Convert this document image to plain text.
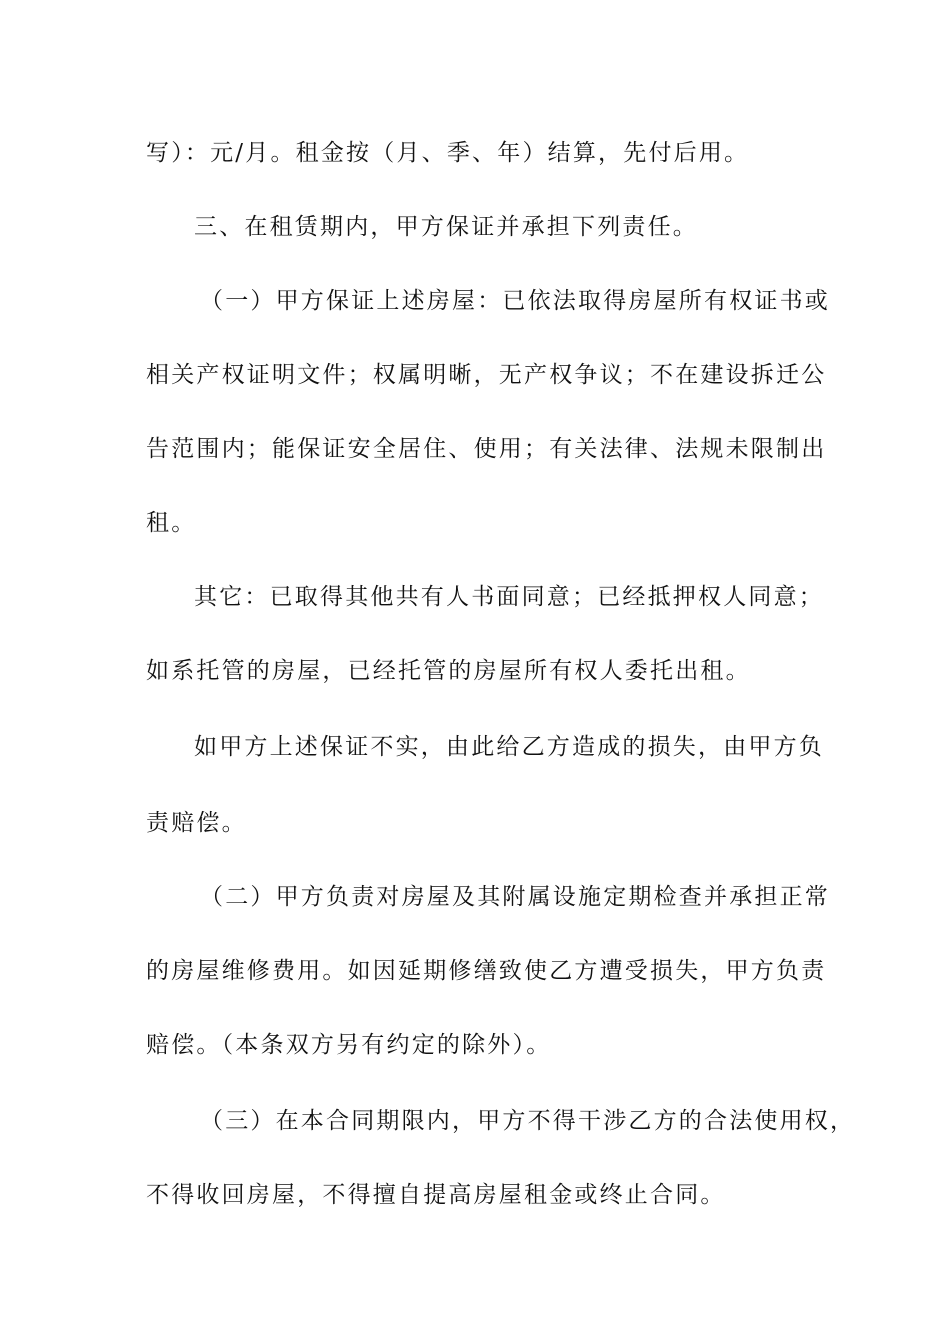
写）：元/月。租金按（月、季、年）结算，先付后用。
三、在租赁期内，甲方保证并承担下列责任。
（一）甲方保证上述房屋：已依法取得房屋所有权证书或
相关产权证明文件；权属明晰，无产权争议；不在建设拆迁公
告范围内；能保证安全居住、使用；有关法律、法规未限制出
租。
其它：已取得其他共有人书面同意；已经抵押权人同意；
如系托管的房屋，已经托管的房屋所有权人委托出租。
如甲方上述保证不实，由此给乙方造成的损失，由甲方负
责赔偿。
（二）甲方负责对房屋及其附属设施定期检查并承担正常
的房屋维修费用。如因延期修缮致使乙方遭受损失，甲方负责
赔偿。（本条双方另有约定的除外）。
（三）在本合同期限内，甲方不得干涉乙方的合法使用权，
不得收回房屋，不得擅自提高房屋租金或终止合同。
